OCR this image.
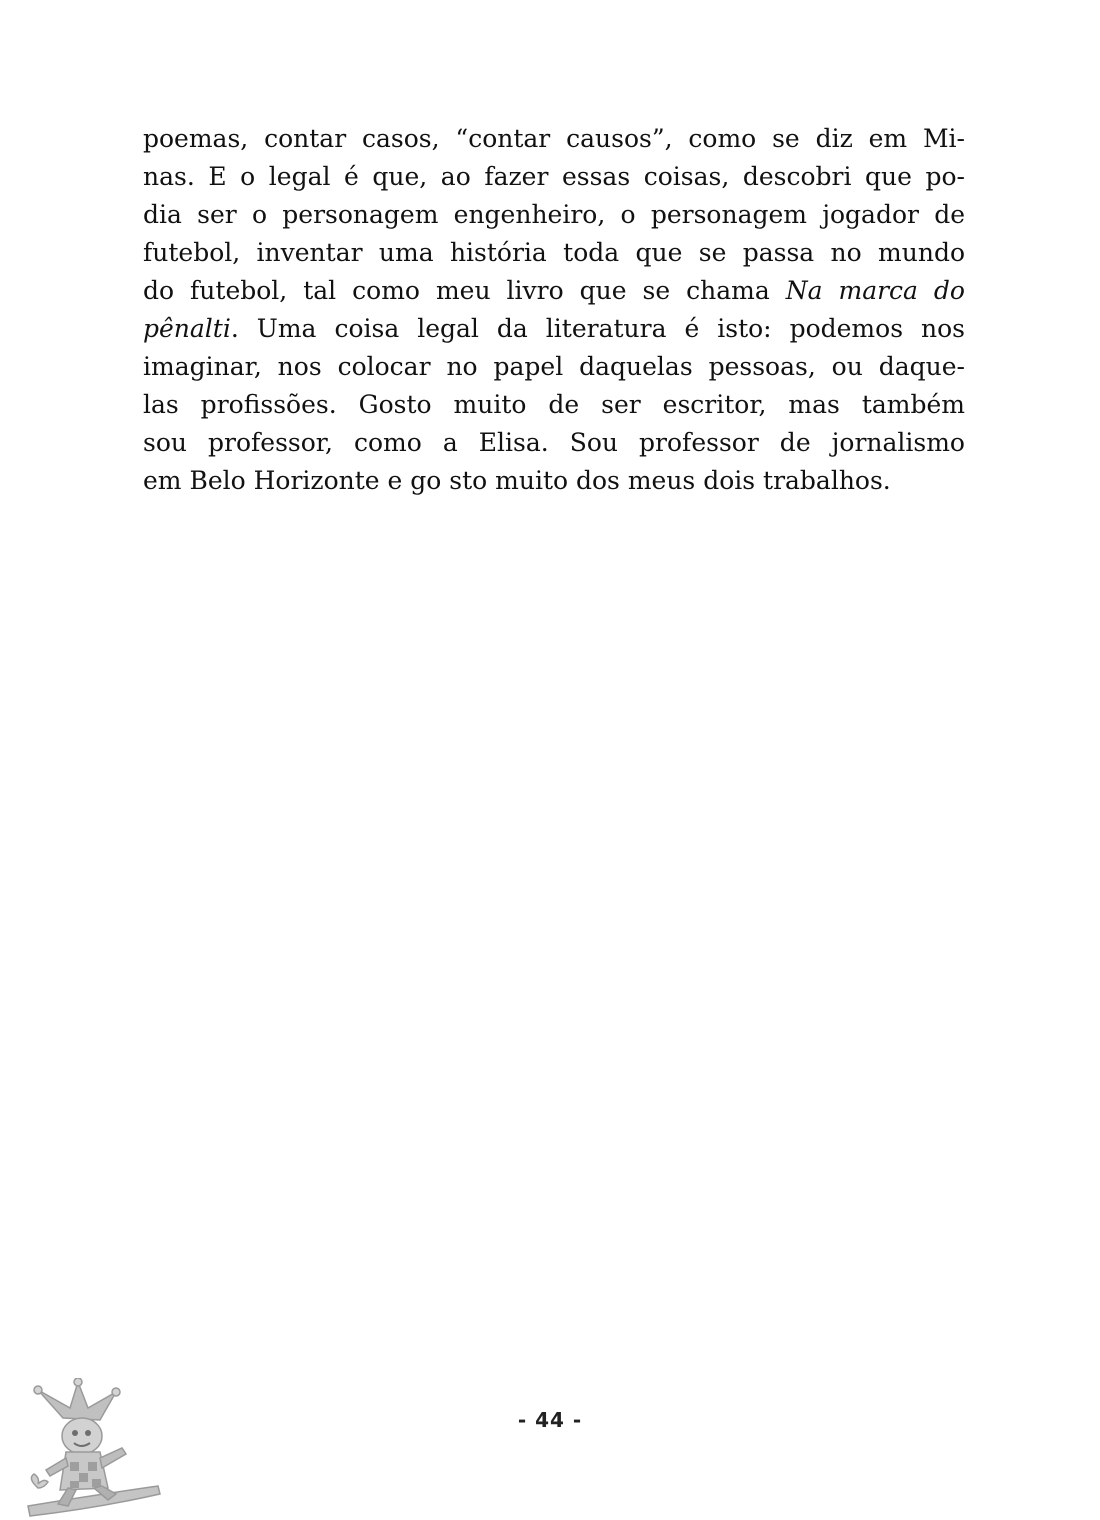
poemas, contar casos, “contar causos”, como se diz em Mi-
nas. E o legal é que, ao fazer essas coisas, descobri que po-
dia ser o personagem engenheiro, o personagem jogador de
futebol, inventar uma história toda que se passa no mundo
do futebol, tal como meu livro que se chama Na marca do
pênalti. Uma coisa legal da literatura é isto: podemos nos
imaginar, nos colocar no papel daquelas pessoas, ou daque-
las profissões. Gosto muito de ser escritor, mas também
sou professor, como a Elisa. Sou professor de jornalismo
em Belo Horizonte e go sto muito dos meus dois trabalhos.
- 44 -
